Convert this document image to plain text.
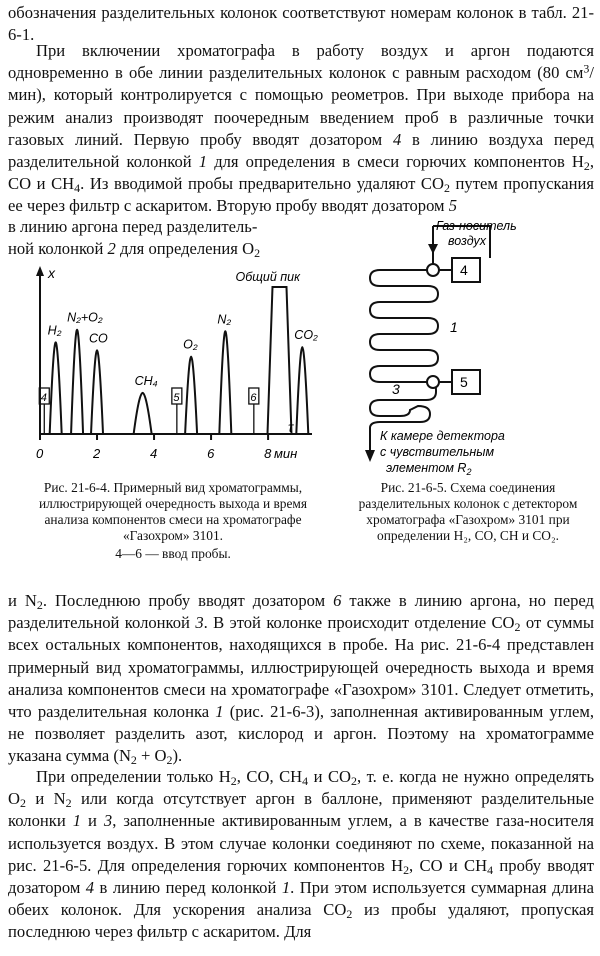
обозначения разделительных колонок соответствуют номерам колонок в табл. 21-6-1.
При включении хроматографа в работу воздух и аргон подаются одновременно в обе линии разделительных колонок с равным расходом (80 $см^3/мин$), который контролируется с помощью реометров. При выходе прибора на режим анализ производят поочередным введением проб в различные точки газовых линий. Первую пробу вводят дозатором 4 в линию воздуха перед разделительной колонкой 1 для определения в смеси горючих компонентов $H_2$, CO и $CH_4$. Из вводимой пробы предварительно удаляют $CO_2$ путем пропускания ее через фильтр с аскаритом. Вторую пробу вводят дозатором 5
в линию аргона перед разделитель-
ной колонкой 2 для определения $O_2$
x
τ
0	2	4	6	8 мин
H₂
N₂+O₂
CO
CH₄
O₂
N₂
Общий пик
CO₂
4	5	6
Рис. 21-6-4. Примерный вид хроматограммы, иллюстрирующей очередность выхода и время анализа компонентов смеси на хроматографе «Газохром» 3101.
4—6 — ввод пробы.
Газ-носитель
воздух
4
5
1
3
К камере детектора
с чувствительным
элементом $R_2$
Рис. 21-6-5. Схема соединения разделительных колонок с детектором хроматографа «Газохром» 3101 при определении H₂, CO, CH и CO₂.
и $N_2$. Последнюю пробу вводят дозатором 6 также в линию аргона, но перед разделительной колонкой 3. В этой колонке происходит отделение $CO_2$ от суммы всех остальных компонентов, находящихся в пробе. На рис. 21-6-4 представлен примерный вид хроматограммы, иллюстрирующей очередность выхода и время анализа компонентов смеси на хроматографе «Газохром» 3101. Следует отметить, что разделительная колонка 1 (рис. 21-6-3), заполненная активированным углем, не позволяет разделить азот, кислород и аргон. Поэтому на хроматограмме указана сумма $(N_2 + O_2)$.
При определении только $H_2$, CO, $CH_4$ и $CO_2$, т. е. когда не нужно определять $O_2$ и $N_2$ или когда отсутствует аргон в баллоне, применяют разделительные колонки 1 и 3, заполненные активированным углем, а в качестве газа-носителя используется воздух. В этом случае колонки соединяют по схеме, показанной на рис. 21-6-5. Для определения горючих компонентов $H_2$, CO и $CH_4$ пробу вводят дозатором 4 в линию перед колонкой 1. При этом используется суммарная длина обеих колонок. Для ускорения анализа $CO_2$ из пробы удаляют, пропуская последнюю через фильтр с аскаритом. Для
